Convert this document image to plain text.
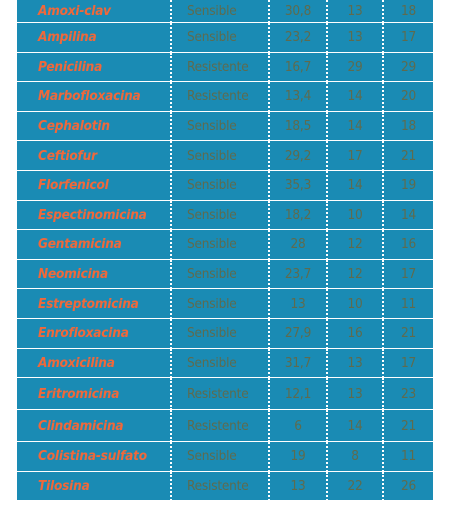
Amoxi-clav	Sensible	30,8	13	18
Ampilina	Sensible	23,2	13	17
Penicilina	Resistente	16,7	29	29
Marbofloxacina	Resistente	13,4	14	20
Cephalotin	Sensible	18,5	14	18
Ceftiofur	Sensible	29,2	17	21
Florfenicol	Sensible	35,3	14	19
Espectinomicina	Sensible	18,2	10	14
Gentamicina	Sensible	28	12	16
Neomicina	Sensible	23,7	12	17
Estreptomicina	Sensible	13	10	11
Enrofloxacina	Sensible	27,9	16	21
Amoxicilina	Sensible	31,7	13	17
Eritromicina	Resistente	12,1	13	23
Clindamicina	Resistente	6	14	21
Colistina-sulfato	Sensible	19	8	11
Tilosina	Resistente	13	22	26
